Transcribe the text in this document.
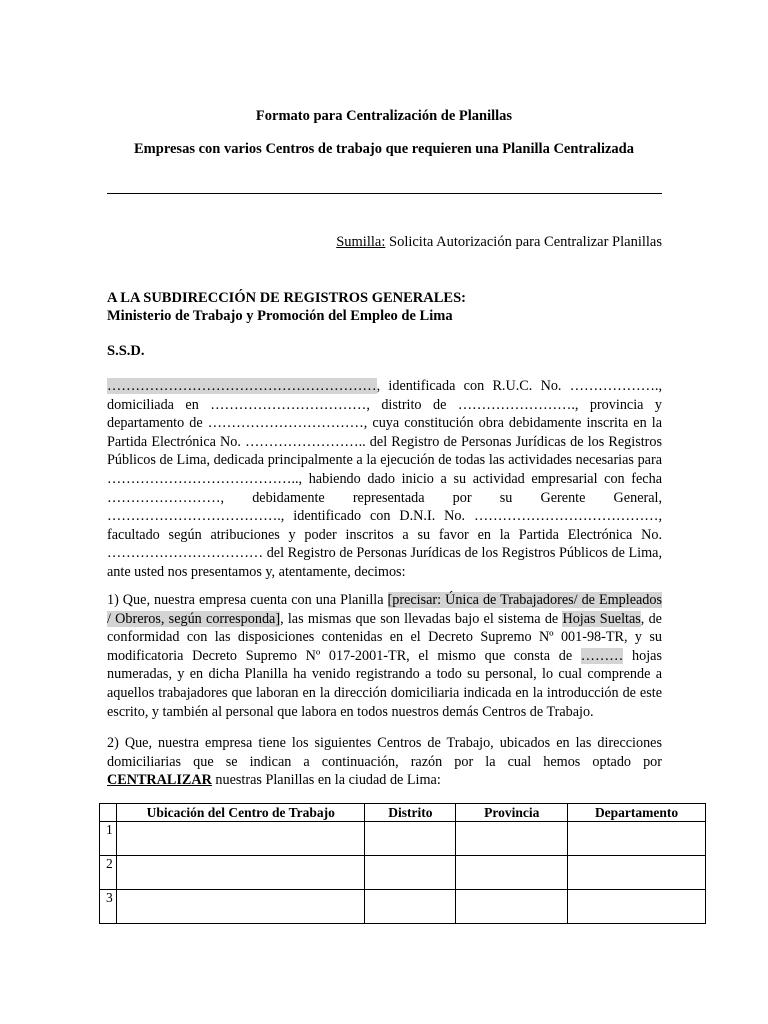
Formato para Centralización de Planillas
Empresas con varios Centros de trabajo que requieren una Planilla Centralizada
Sumilla: Solicita Autorización para Centralizar Planillas
A LA SUBDIRECCIÓN DE REGISTROS GENERALES:
Ministerio de Trabajo y Promoción del Empleo de Lima
S.S.D.
…………………………………………………, identificada con R.U.C. No. ………………., domiciliada en ……………………………, distrito de ……………………., provincia y departamento de ……………………………, cuya constitución obra debidamente inscrita en la Partida Electrónica No. …………………….. del Registro de Personas Jurídicas de los Registros Públicos de Lima, dedicada principalmente a la ejecución de todas las actividades necesarias para ………………………………….., habiendo dado inicio a su actividad empresarial con fecha ……………………, debidamente representada por su Gerente General, ………………………………., identificado con D.N.I. No. …………………………………, facultado según atribuciones y poder inscritos a su favor en la Partida Electrónica No. …………………………… del Registro de Personas Jurídicas de los Registros Públicos de Lima, ante usted nos presentamos y, atentamente, decimos:
1) Que, nuestra empresa cuenta con una Planilla [precisar: Única de Trabajadores/ de Empleados / Obreros, según corresponda], las mismas que son llevadas bajo el sistema de Hojas Sueltas, de conformidad con las disposiciones contenidas en el Decreto Supremo Nº 001-98-TR, y su modificatoria Decreto Supremo Nº 017-2001-TR, el mismo que consta de ……… hojas numeradas, y en dicha Planilla ha venido registrando a todo su personal, lo cual comprende a aquellos trabajadores que laboran en la dirección domiciliaria indicada en la introducción de este escrito, y también al personal que labora en todos nuestros demás Centros de Trabajo.
2) Que, nuestra empresa tiene los siguientes Centros de Trabajo, ubicados en las direcciones domiciliarias que se indican a continuación, razón por la cual hemos optado por CENTRALIZAR nuestras Planillas en la ciudad de Lima:
	Ubicación del Centro de Trabajo	Distrito	Provincia	Departamento
1				
2				
3				
